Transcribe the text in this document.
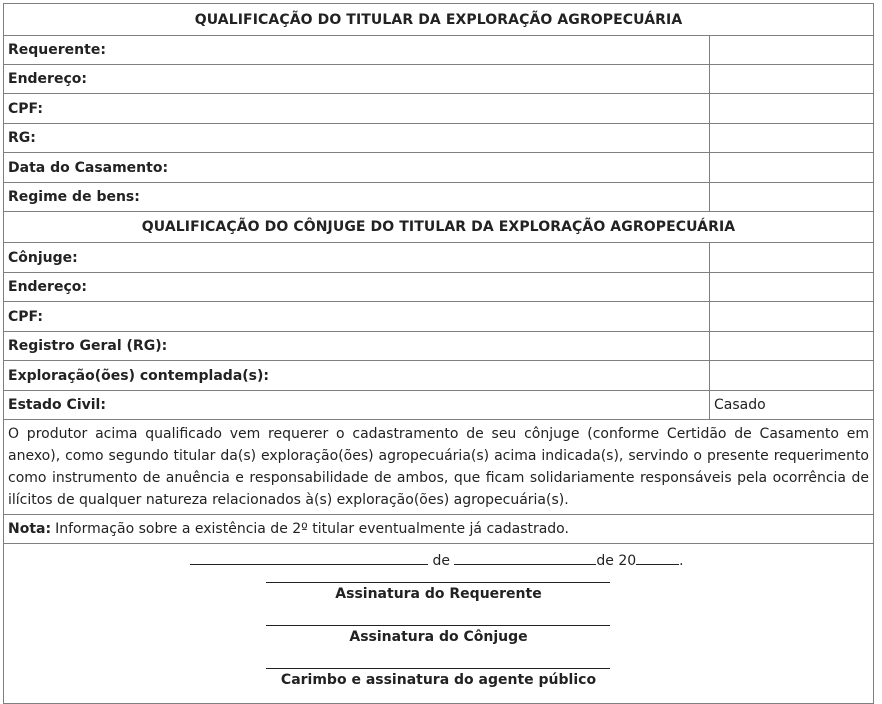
QUALIFICAÇÃO DO TITULAR DA EXPLORAÇÃO AGROPECUÁRIA
Requerente:
Endereço:
CPF:
RG:
Data do Casamento:
Regime de bens:
QUALIFICAÇÃO DO CÔNJUGE DO TITULAR DA EXPLORAÇÃO AGROPECUÁRIA
Cônjuge:
Endereço:
CPF:
Registro Geral (RG):
Exploração(ões) contemplada(s):
Estado Civil:	Casado
O produtor acima qualificado vem requerer o cadastramento de seu cônjuge (conforme Certidão de Casamento em anexo), como segundo titular da(s) exploração(ões) agropecuária(s) acima indicada(s), servindo o presente requerimento como instrumento de anuência e responsabilidade de ambos, que ficam solidariamente responsáveis pela ocorrência de ilícitos de qualquer natureza relacionados à(s) exploração(ões) agropecuária(s).
Nota: Informação sobre a existência de 2º titular eventualmente já cadastrado.
de	de 20	.
Assinatura do Requerente
Assinatura do Cônjuge
Carimbo e assinatura do agente público
